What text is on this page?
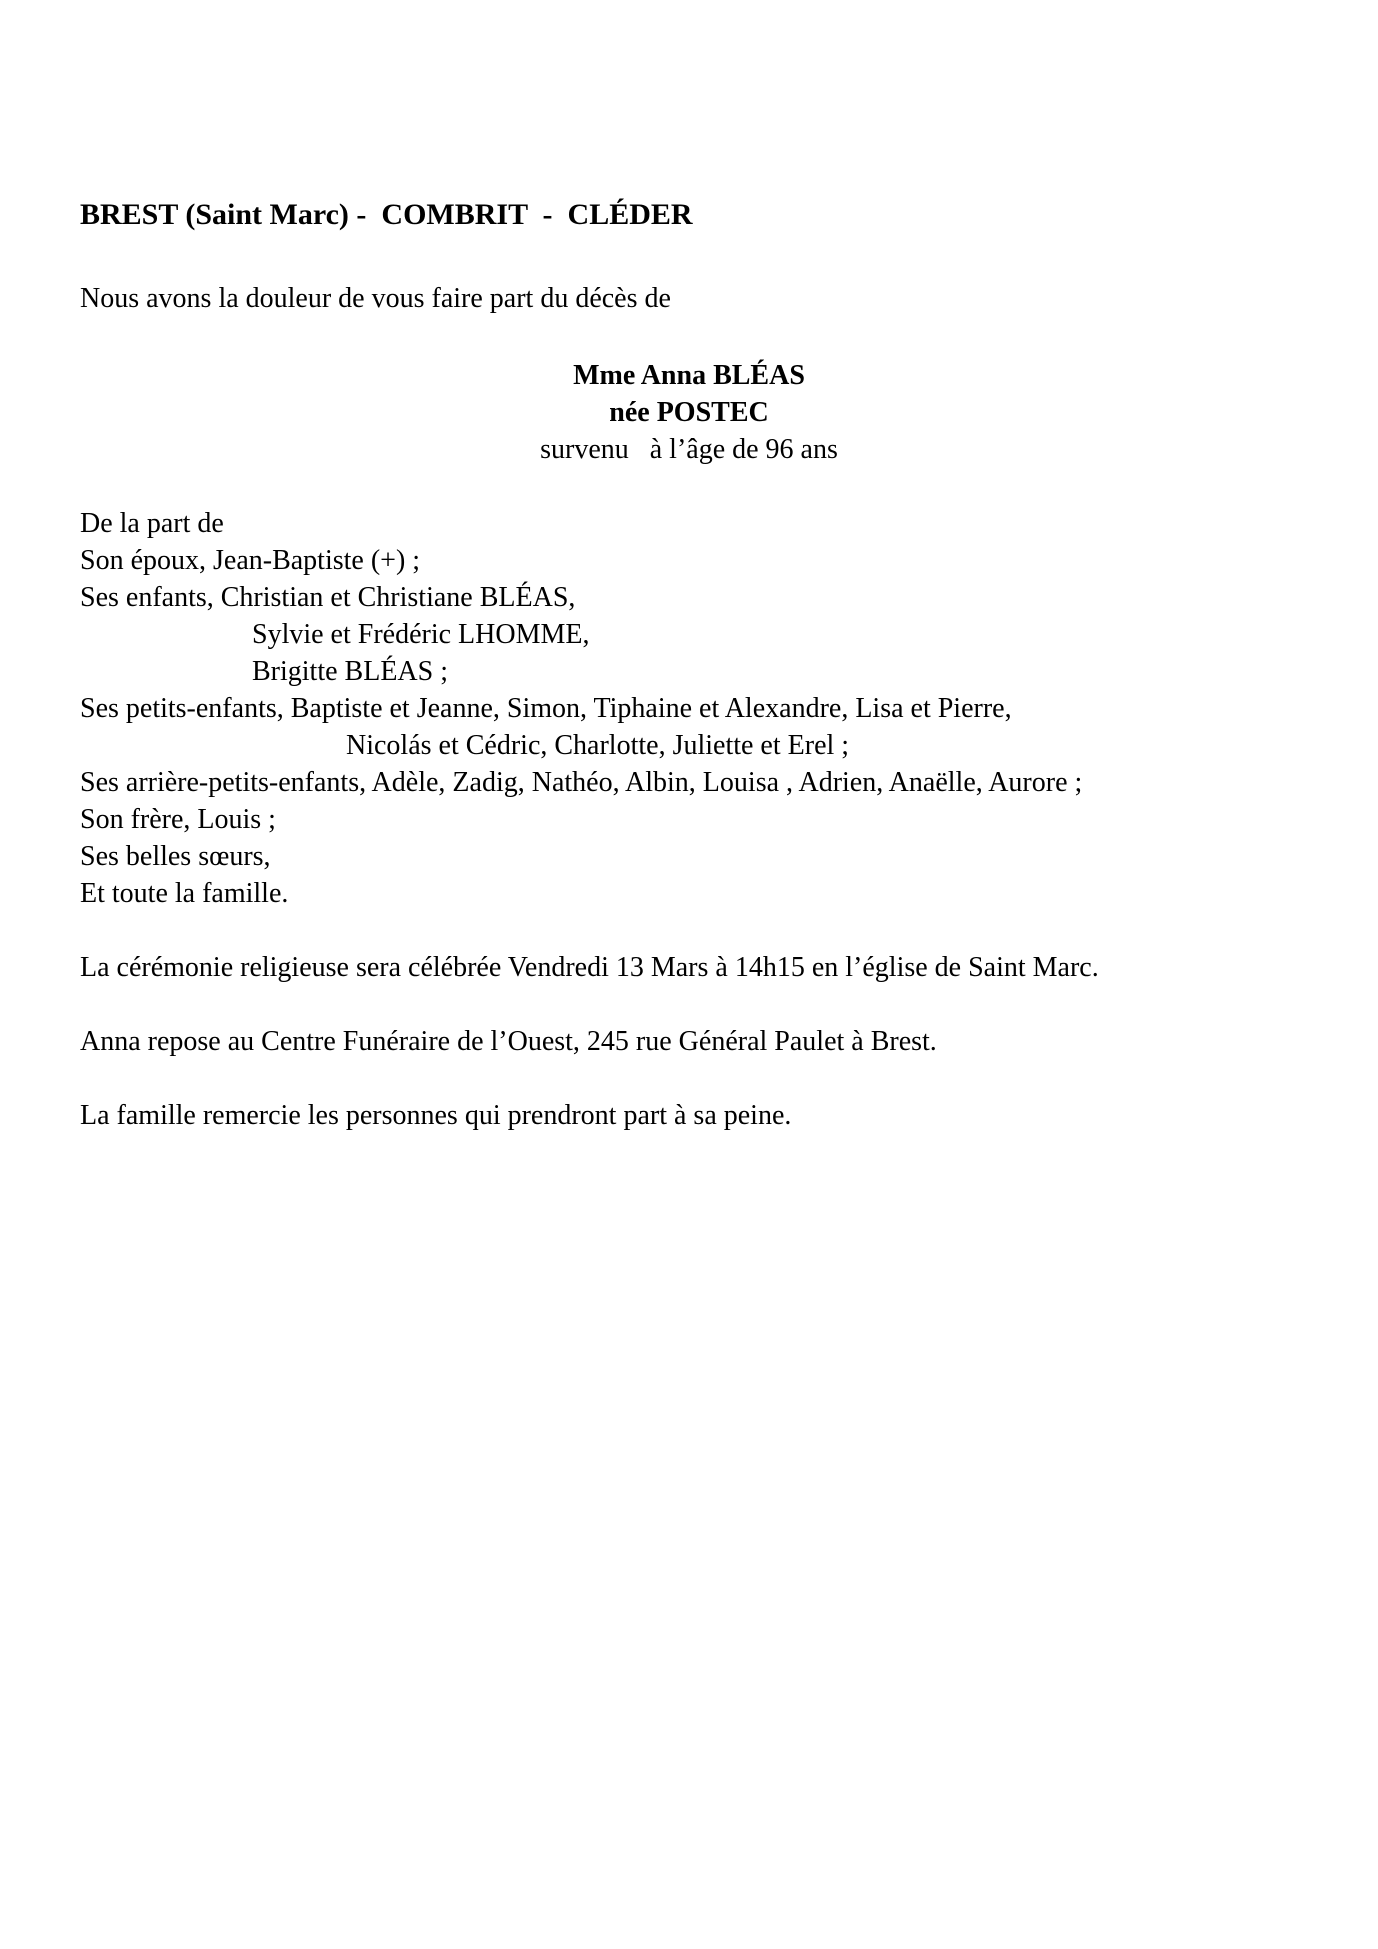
BREST (Saint Marc) -  COMBRIT  -  CLÉDER

Nous avons la douleur de vous faire part du décès de

Mme Anna BLÉAS
née POSTEC
survenu   à l’âge de 96 ans
De la part de
Son époux, Jean-Baptiste (+) ;
Ses enfants, Christian et Christiane BLÉAS,
Sylvie et Frédéric LHOMME,
Brigitte BLÉAS ;
Ses petits-enfants, Baptiste et Jeanne, Simon, Tiphaine et Alexandre, Lisa et Pierre,
Nicolás et Cédric, Charlotte, Juliette et Erel ;
Ses arrière-petits-enfants, Adèle, Zadig, Nathéo, Albin, Louisa , Adrien, Anaëlle, Aurore ;
Son frère, Louis ;
Ses belles sœurs,
Et toute la famille.

La cérémonie religieuse sera célébrée Vendredi 13 Mars à 14h15 en l’église de Saint Marc.

Anna repose au Centre Funéraire de l’Ouest, 245 rue Général Paulet à Brest.

La famille remercie les personnes qui prendront part à sa peine.
